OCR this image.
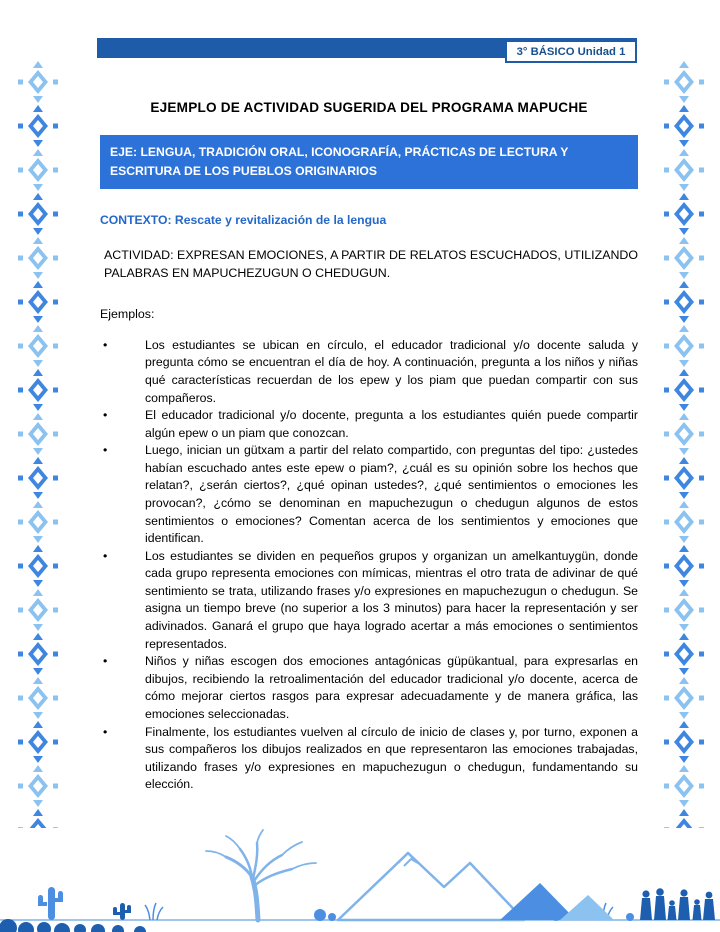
3° BÁSICO Unidad 1
EJEMPLO DE ACTIVIDAD SUGERIDA DEL PROGRAMA MAPUCHE
EJE: LENGUA, TRADICIÓN ORAL, ICONOGRAFÍA, PRÁCTICAS DE LECTURA Y ESCRITURA DE LOS PUEBLOS ORIGINARIOS
CONTEXTO: Rescate y revitalización de la lengua
ACTIVIDAD: EXPRESAN EMOCIONES, A PARTIR DE RELATOS ESCUCHADOS, UTILIZANDO PALABRAS EN MAPUCHEZUGUN O CHEDUGUN.
Ejemplos:
•	Los estudiantes se ubican en círculo, el educador tradicional y/o docente saluda y pregunta cómo se encuentran el día de hoy. A continuación, pregunta a los niños y niñas qué características recuerdan de los epew y los piam que puedan compartir con sus compañeros.
•	El educador tradicional y/o docente, pregunta a los estudiantes quién puede compartir algún epew o un piam que conozcan.
•	Luego, inician un gütxam a partir del relato compartido, con preguntas del tipo: ¿ustedes habían escuchado antes este epew o piam?, ¿cuál es su opinión sobre los hechos que relatan?, ¿serán ciertos?, ¿qué opinan ustedes?, ¿qué sentimientos o emociones les provocan?, ¿cómo se denominan en mapuchezugun o chedugun algunos de estos sentimientos o emociones? Comentan acerca de los sentimientos y emociones que identifican.
•	Los estudiantes se dividen en pequeños grupos y organizan un amelkantuygün, donde cada grupo representa emociones con mímicas, mientras el otro trata de adivinar de qué sentimiento se trata, utilizando frases y/o expresiones en mapuchezugun o chedugun. Se asigna un tiempo breve (no superior a los 3 minutos) para hacer la representación y ser adivinados. Ganará el grupo que haya logrado acertar a más emociones o sentimientos representados.
•	Niños y niñas escogen dos emociones antagónicas güpükantual, para expresarlas en dibujos, recibiendo la retroalimentación del educador tradicional y/o docente, acerca de cómo mejorar ciertos rasgos para expresar adecuadamente y de manera gráfica, las emociones seleccionadas.
•	Finalmente, los estudiantes vuelven al círculo de inicio de clases y, por turno, exponen a sus compañeros los dibujos realizados en que representaron las emociones trabajadas, utilizando frases y/o expresiones en mapuchezugun o chedugun, fundamentando su elección.
